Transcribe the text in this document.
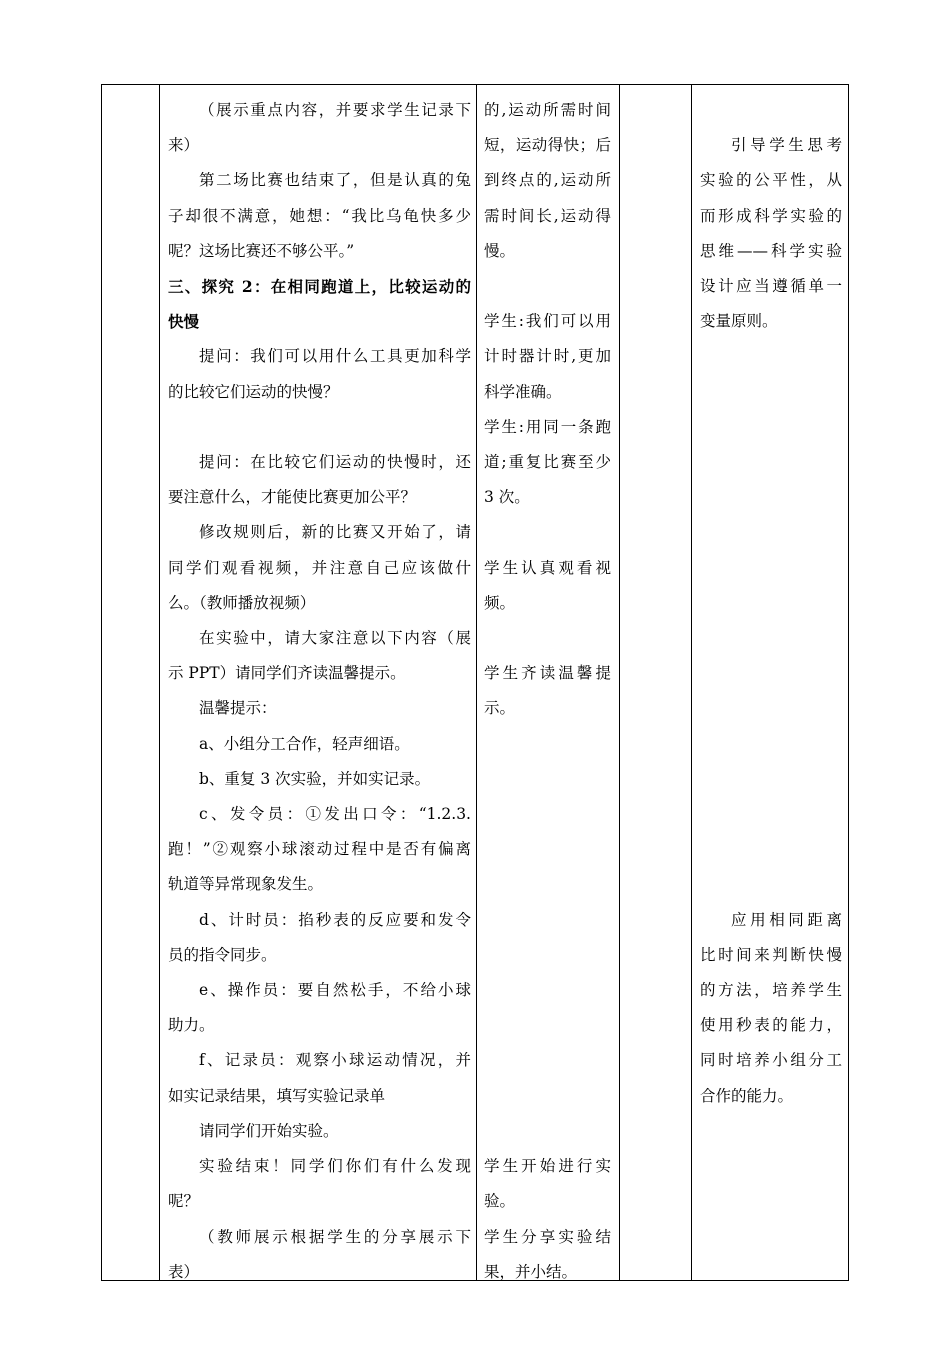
（展示重点内容，并要求学生记录下

来）

第二场比赛也结束了，但是认真的兔

子却很不满意，她想：“我比乌龟快多少

呢？这场比赛还不够公平。”

三、探究 2：在相同跑道上，比较运动的

快慢

提问：我们可以用什么工具更加科学

的比较它们运动的快慢？

提问：在比较它们运动的快慢时，还

要注意什么，才能使比赛更加公平？

修改规则后，新的比赛又开始了，请

同学们观看视频，并注意自己应该做什

么。（教师播放视频）

在实验中，请大家注意以下内容（展

示 PPT）请同学们齐读温馨提示。

温馨提示：

a、小组分工合作，轻声细语。

b、重复 3 次实验，并如实记录。

c、发令员：①发出口令：“1.2.3.

跑！”②观察小球滚动过程中是否有偏离

轨道等异常现象发生。

d、计时员：掐秒表的反应要和发令

员的指令同步。

e、操作员：要自然松手，不给小球

助力。

f、记录员：观察小球运动情况，并

如实记录结果，填写实验记录单

请同学们开始实验。

实验结束！同学们你们有什么发现

呢？

（教师展示根据学生的分享展示下

表）

的,运动所需时间

短，运动得快；后

到终点的,运动所

需时间长,运动得

慢。

学生:我们可以用

计时器计时,更加

科学准确。

学生:用同一条跑

道;重复比赛至少

3 次。

学生认真观看视

频。

学生齐读温馨提

示。

学生开始进行实

验。

学生分享实验结

果，并小结。

引导学生思考

实验的公平性，从

而形成科学实验的

思维——科学实验

设计应当遵循单一

变量原则。

应用相同距离

比时间来判断快慢

的方法，培养学生

使用秒表的能力，

同时培养小组分工

合作的能力。
